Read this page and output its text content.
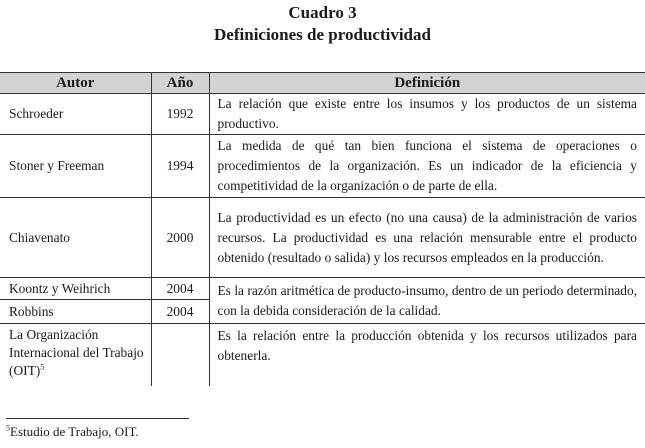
Cuadro 3
Definiciones de productividad
Autor	Año	Definición
Schroeder	1992	La relación que existe entre los insumos y los productos de un sistema productivo.
Stoner y Freeman	1994	La medida de qué tan bien funciona el sistema de operaciones o procedimientos de la organización. Es un indicador de la eficiencia y competitividad de la organización o de parte de ella.
Chiavenato	2000	La productividad es un efecto (no una causa) de la administración de varios recursos. La productividad es una relación mensurable entre el producto obtenido (resultado o salida) y los recursos empleados en la producción.
Koontz y Weihrich	2004	Es la razón aritmética de producto-insumo, dentro de un periodo determinado, con la debida consideración de la calidad.
Robbins	2004	
La Organización Internacional del Trabajo (OIT)$^5$		Es la relación entre la producción obtenida y los recursos utilizados para obtenerla.
$^5$Estudio de Trabajo, OIT.
